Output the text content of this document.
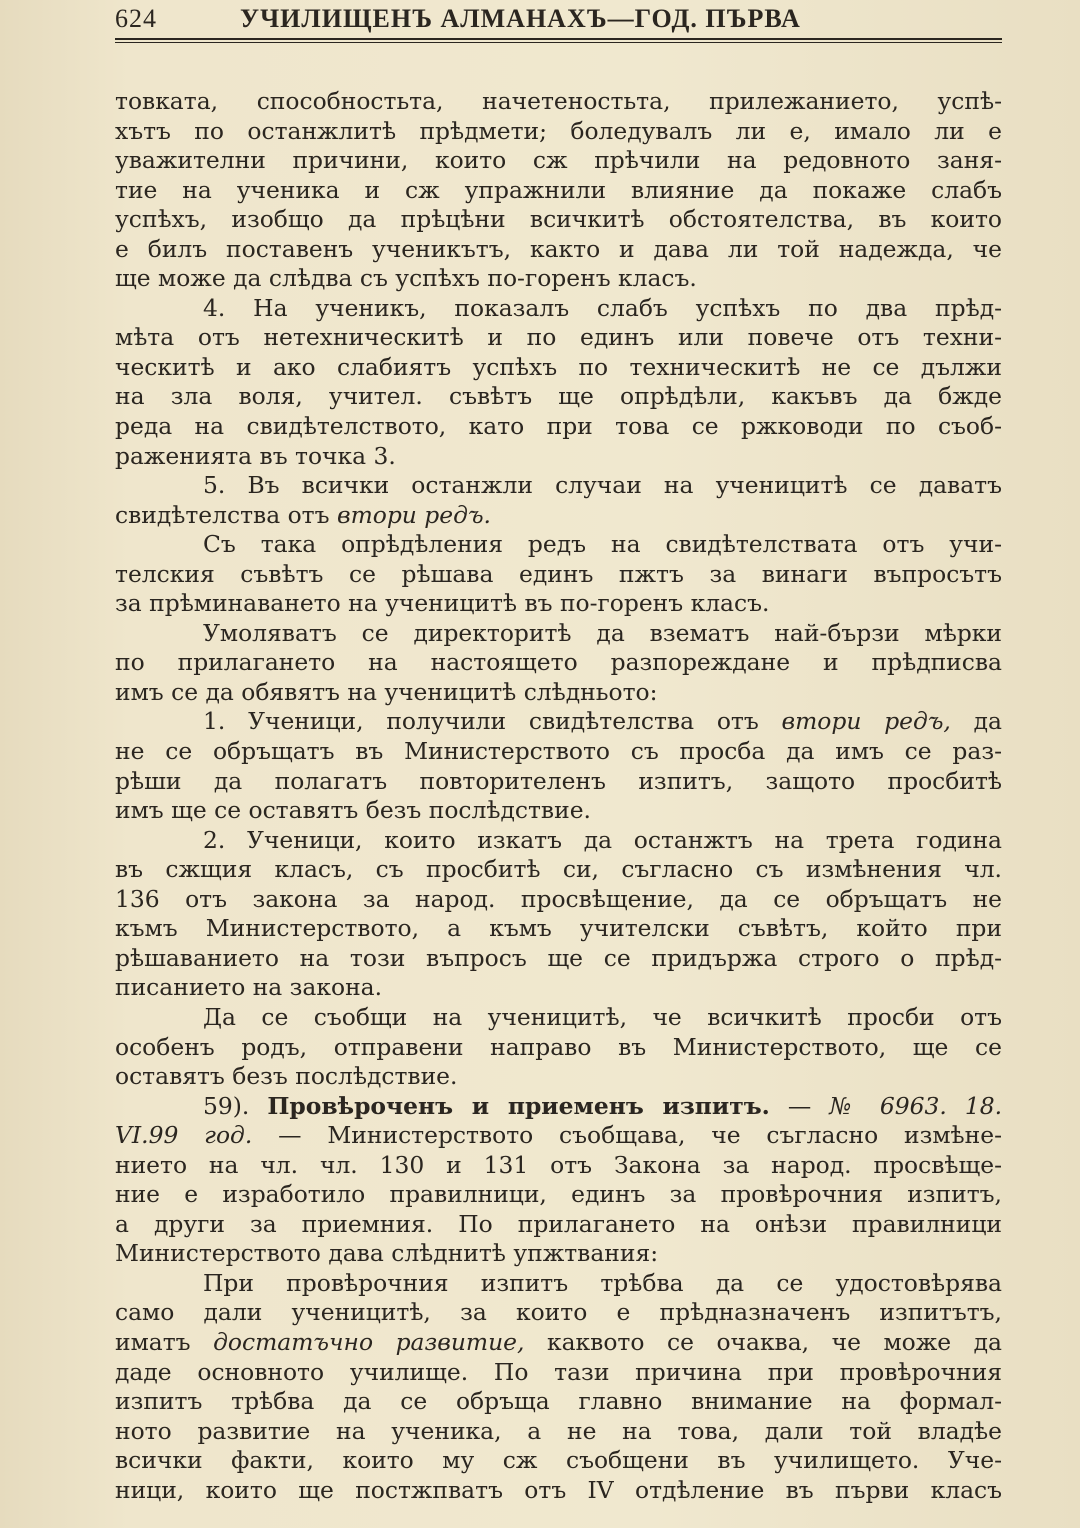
624	УЧИЛИЩЕНЪ АЛМАНАХЪ—ГОД. ПЪРВА
товката, способностьта, начетеностьта, прилежанието, успѣ-
хътъ по останжлитѣ прѣдмети; боледувалъ ли е, имало ли е
уважителни причини, които сж прѣчили на редовното заня-
тие на ученика и сж упражнили влияние да покаже слабъ
успѣхъ, изобщо да прѣцѣни всичкитѣ обстоятелства, въ които
е билъ поставенъ ученикътъ, както и дава ли той надежда, че
ще може да слѣдва съ успѣхъ по-горенъ класъ.
4. На ученикъ, показалъ слабъ успѣхъ по два прѣд-
мѣта отъ нетехническитѣ и по единъ или повече отъ техни-
ческитѣ и ако слабиятъ успѣхъ по техническитѣ не се дължи
на зла воля, учител. съвѣтъ ще опрѣдѣли, какъвъ да бжде
реда на свидѣтелството, като при това се ржководи по съоб-
раженията въ точка 3.
5. Въ всички останжли случаи на ученицитѣ се даватъ
свидѣтелства отъ втори редъ.
Съ така опрѣдѣления редъ на свидѣтелствата отъ учи-
телския съвѣтъ се рѣшава единъ пжтъ за винаги въпросътъ
за прѣминаването на ученицитѣ въ по-горенъ класъ.
Умоляватъ се директоритѣ да взематъ най-бързи мѣрки
по прилагането на настоящето разпореждане и прѣдписва
имъ се да обявятъ на ученицитѣ слѣдньото:
1. Ученици, получили свидѣтелства отъ втори редъ, да
не се обръщатъ въ Министерството съ просба да имъ се раз-
рѣши да полагатъ повторителенъ изпитъ, защото просбитѣ
имъ ще се оставятъ безъ послѣдствие.
2. Ученици, които изкатъ да останжтъ на трета година
въ сжщия класъ, съ просбитѣ си, съгласно съ измѣнения чл.
136 отъ закона за народ. просвѣщение, да се обръщатъ не
къмъ Министерството, а къмъ учителски съвѣтъ, който при
рѣшаванието на този въпросъ ще се придържа строго о прѣд-
писанието на закона.
Да се съобщи на ученицитѣ, че всичкитѣ просби отъ
особенъ родъ, отправени направо въ Министерството, ще се
оставятъ безъ послѣдствие.
59). Провѣроченъ и приеменъ изпитъ. — № 6963. 18.
VI.99 год. — Министерството съобщава, че съгласно измѣне-
нието на чл. чл. 130 и 131 отъ Закона за народ. просвѣще-
ние е изработило правилници, единъ за провѣрочния изпитъ,
а други за приемния. По прилагането на онѣзи правилници
Министерството дава слѣднитѣ упжтвания:
При провѣрочния изпитъ трѣбва да се удостовѣрява
само дали ученицитѣ, за които е прѣдназначенъ изпитътъ,
иматъ достатъчно развитие, каквото се очаква, че може да
даде основното училище. По тази причина при провѣрочния
изпитъ трѣбва да се обръща главно внимание на формал-
ното развитие на ученика, а не на това, дали той владѣе
всички факти, които му сж съобщени въ училището. Уче-
ници, които ще постжпватъ отъ IV отдѣление въ първи класъ
